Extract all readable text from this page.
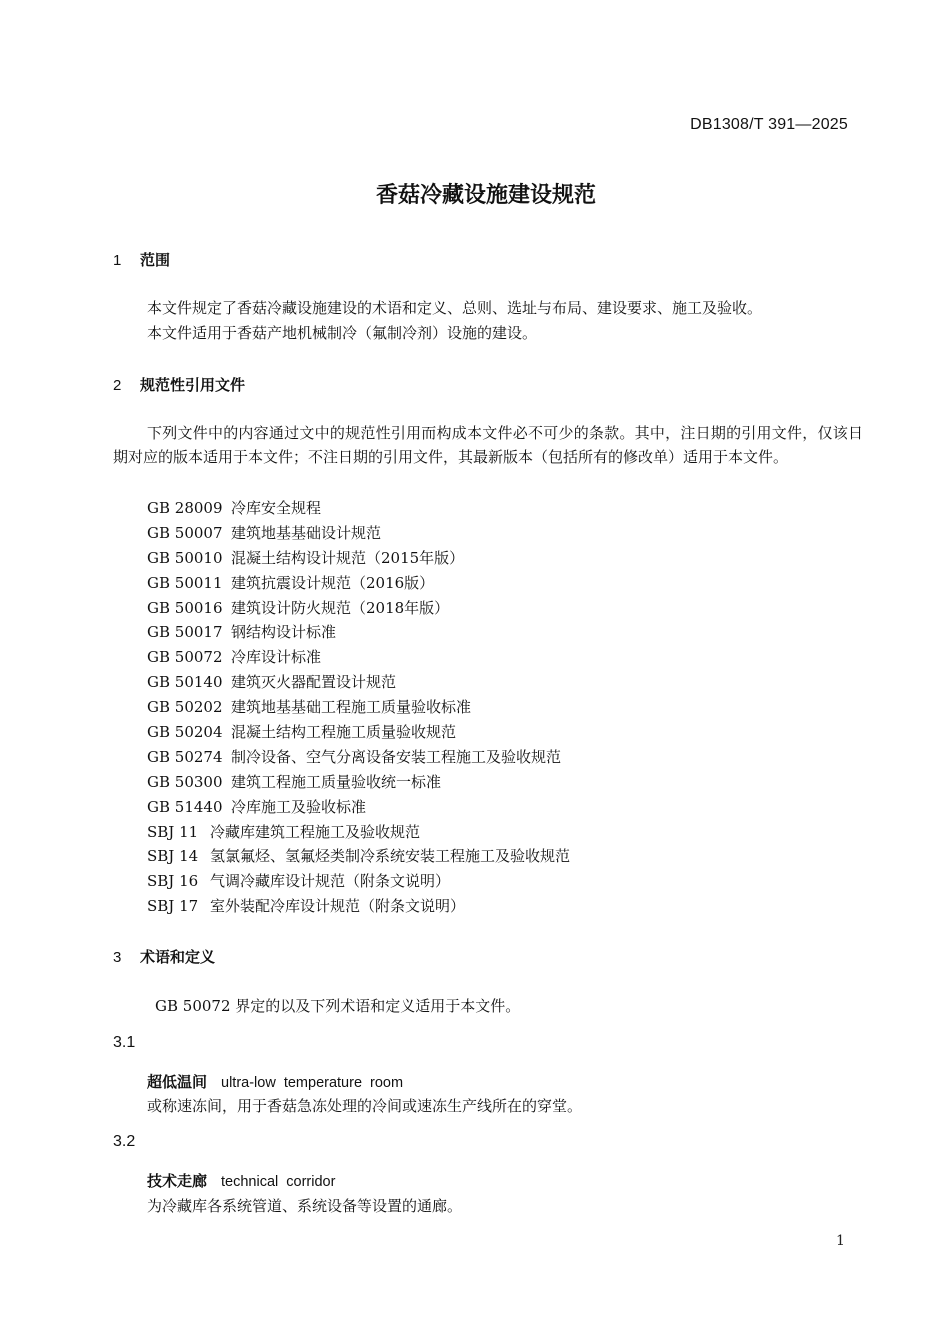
DB1308/T 391—2025
香菇冷藏设施建设规范
1 范围
本文件规定了香菇冷藏设施建设的术语和定义、总则、选址与布局、建设要求、施工及验收。
本文件适用于香菇产地机械制冷（氟制冷剂）设施的建设。
2 规范性引用文件
下列文件中的内容通过文中的规范性引用而构成本文件必不可少的条款。其中，注日期的引用文件，仅该日期对应的版本适用于本文件；不注日期的引用文件，其最新版本（包括所有的修改单）适用于本文件。
GB 28009 冷库安全规程
GB 50007 建筑地基基础设计规范
GB 50010 混凝土结构设计规范（2015年版）
GB 50011 建筑抗震设计规范（2016版）
GB 50016 建筑设计防火规范（2018年版）
GB 50017 钢结构设计标准
GB 50072 冷库设计标准
GB 50140 建筑灭火器配置设计规范
GB 50202 建筑地基基础工程施工质量验收标准
GB 50204 混凝土结构工程施工质量验收规范
GB 50274 制冷设备、空气分离设备安装工程施工及验收规范
GB 50300 建筑工程施工质量验收统一标准
GB 51440 冷库施工及验收标准
SBJ 11 冷藏库建筑工程施工及验收规范
SBJ 14 氢氯氟烃、氢氟烃类制冷系统安装工程施工及验收规范
SBJ 16 气调冷藏库设计规范（附条文说明）
SBJ 17 室外装配冷库设计规范（附条文说明）
3 术语和定义
GB 50072 界定的以及下列术语和定义适用于本文件。
3.1
超低温间 ultra-low temperature room
或称速冻间，用于香菇急冻处理的冷间或速冻生产线所在的穿堂。
3.2
技术走廊 technical corridor
为冷藏库各系统管道、系统设备等设置的通廊。
1
